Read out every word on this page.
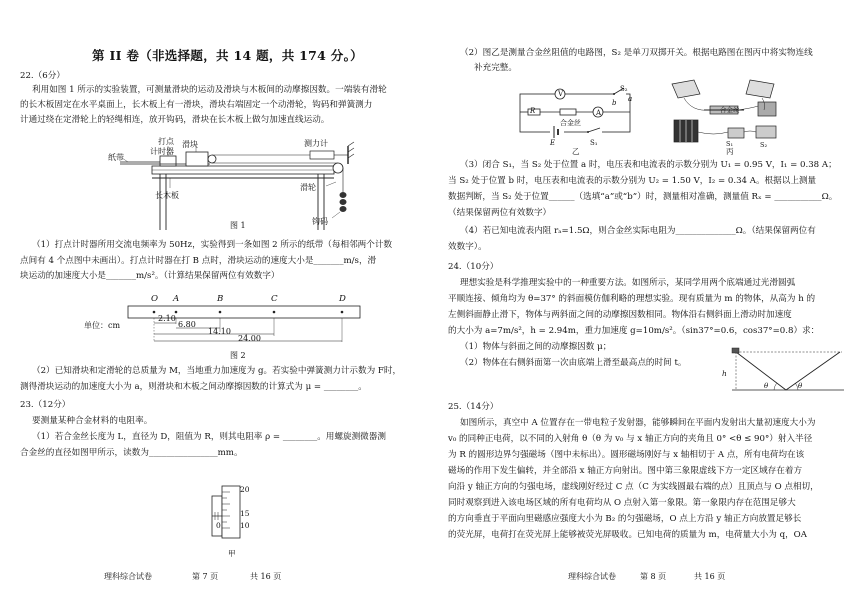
第 II 卷（非选择题，共 14 题，共 174 分。）
22.（6分）
利用如图 1 所示的实验装置，可测量滑块的运动及滑块与木板间的动摩擦因数。一端装有滑轮
的长木板固定在水平桌面上，长木板上有一滑块，滑块右端固定一个动滑轮，钩码和弹簧测力
计通过绕在定滑轮上的轻绳相连，放开钩码，滑块在长木板上做匀加速直线运动。
打点
计时器
滑块
纸带
测力计
滑轮
长木板
钩码
图 1
（1）打点计时器所用交流电频率为 50Hz，实验得到一条如图 2 所示的纸带（每相邻两个计数
点间有 4 个点图中未画出）。打点计时器在打 B 点时，滑块运动的速度大小是_______m/s，滑
块运动的加速度大小是_______m/s²。（计算结果保留两位有效数字）
O A	B	C	D
单位：cm
2.10
6.80
14.10
24.00
图 2
（2）已知滑块和定滑轮的总质量为 M，当地重力加速度为 g。若实验中弹簧测力计示数为 F时，
测得滑块运动的加速度大小为 a，则滑块和木板之间动摩擦因数的计算式为 μ = ________。
23.（12分）
要测量某种合金材料的电阻率。
（1）若合金丝长度为 L，直径为 D，阻值为 R，则其电阻率 ρ = ________。用螺旋测微器测
合金丝的直径如图甲所示，读数为________________mm。
20
15
10
0
甲
理科综合试卷	第 7 页	共 16 页
（2）图乙是测量合金丝阻值的电路图，S₂ 是单刀双掷开关。根据电路图在图丙中将实物连线
补充完整。
V
R
合金丝
A
E	S₁
S₂
a
b
乙
合金丝
S₁	S₂
丙
（3）闭合 S₁，当 S₂ 处于位置 a 时，电压表和电流表的示数分别为 U₁ = 0.95 V，I₁ = 0.38 A；
当 S₂ 处于位置 b 时，电压表和电流表的示数分别为 U₂ = 1.50 V，I₂ = 0.34 A。根据以上测量
数据判断，当 S₂ 处于位置______（选填“a”或“b”）时，测量相对准确，测量值 Rₓ = ___________Ω。
（结果保留两位有效数字）
（4）若已知电流表内阻 rₐ=1.5Ω，则合金丝实际电阻为______________Ω。（结果保留两位有
效数字）。
24.（10分）
理想实验是科学推理实验中的一种重要方法。如图所示，某同学用两个底端通过光滑圆弧
平顺连接、倾角均为 θ=37° 的斜面模仿伽利略的理想实验。现有质量为 m 的物体，从高为 h 的
左侧斜面静止滑下，物体与两斜面之间的动摩擦因数相同。物体沿右侧斜面上滑动时加速度
的大小为 a=7m/s²，h = 2.94m，重力加速度 g=10m/s²。（sin37°=0.6，cos37°=0.8）求：
（1）物体与斜面之间的动摩擦因数 μ；
（2）物体在右侧斜面第一次由底端上滑至最高点的时间 t。
h
θ	θ
25.（14分）
如图所示，真空中 A 位置存在一带电粒子发射器，能够瞬间在平面内发射出大量初速度大小为
v₀ 的同种正电荷，以不同的入射角 θ（θ 为 v₀ 与 x 轴正方向的夹角且 0° <θ ≤ 90°）射入半径
为 R 的圆形边界匀强磁场（图中未标出）。圆形磁场刚好与 x 轴相切于 A 点，所有电荷均在该
磁场的作用下发生偏转，并全部沿 x 轴正方向射出。图中第三象限虚线下方一定区域存在着方
向沿 y 轴正方向的匀强电场，虚线刚好经过 C 点（C 为实线圆最右端的点）且顶点与 O 点相切，
同时观察到进入该电场区域的所有电荷均从 O 点射入第一象限。第一象限内存在范围足够大
的方向垂直于平面向里磁感应强度大小为 B₂ 的匀强磁场，O 点上方沿 y 轴正方向放置足够长
的荧光屏，电荷打在荧光屏上能够被荧光屏吸收。已知电荷的质量为 m，电荷量大小为 q，OA
理科综合试卷	第 8 页	共 16 页
